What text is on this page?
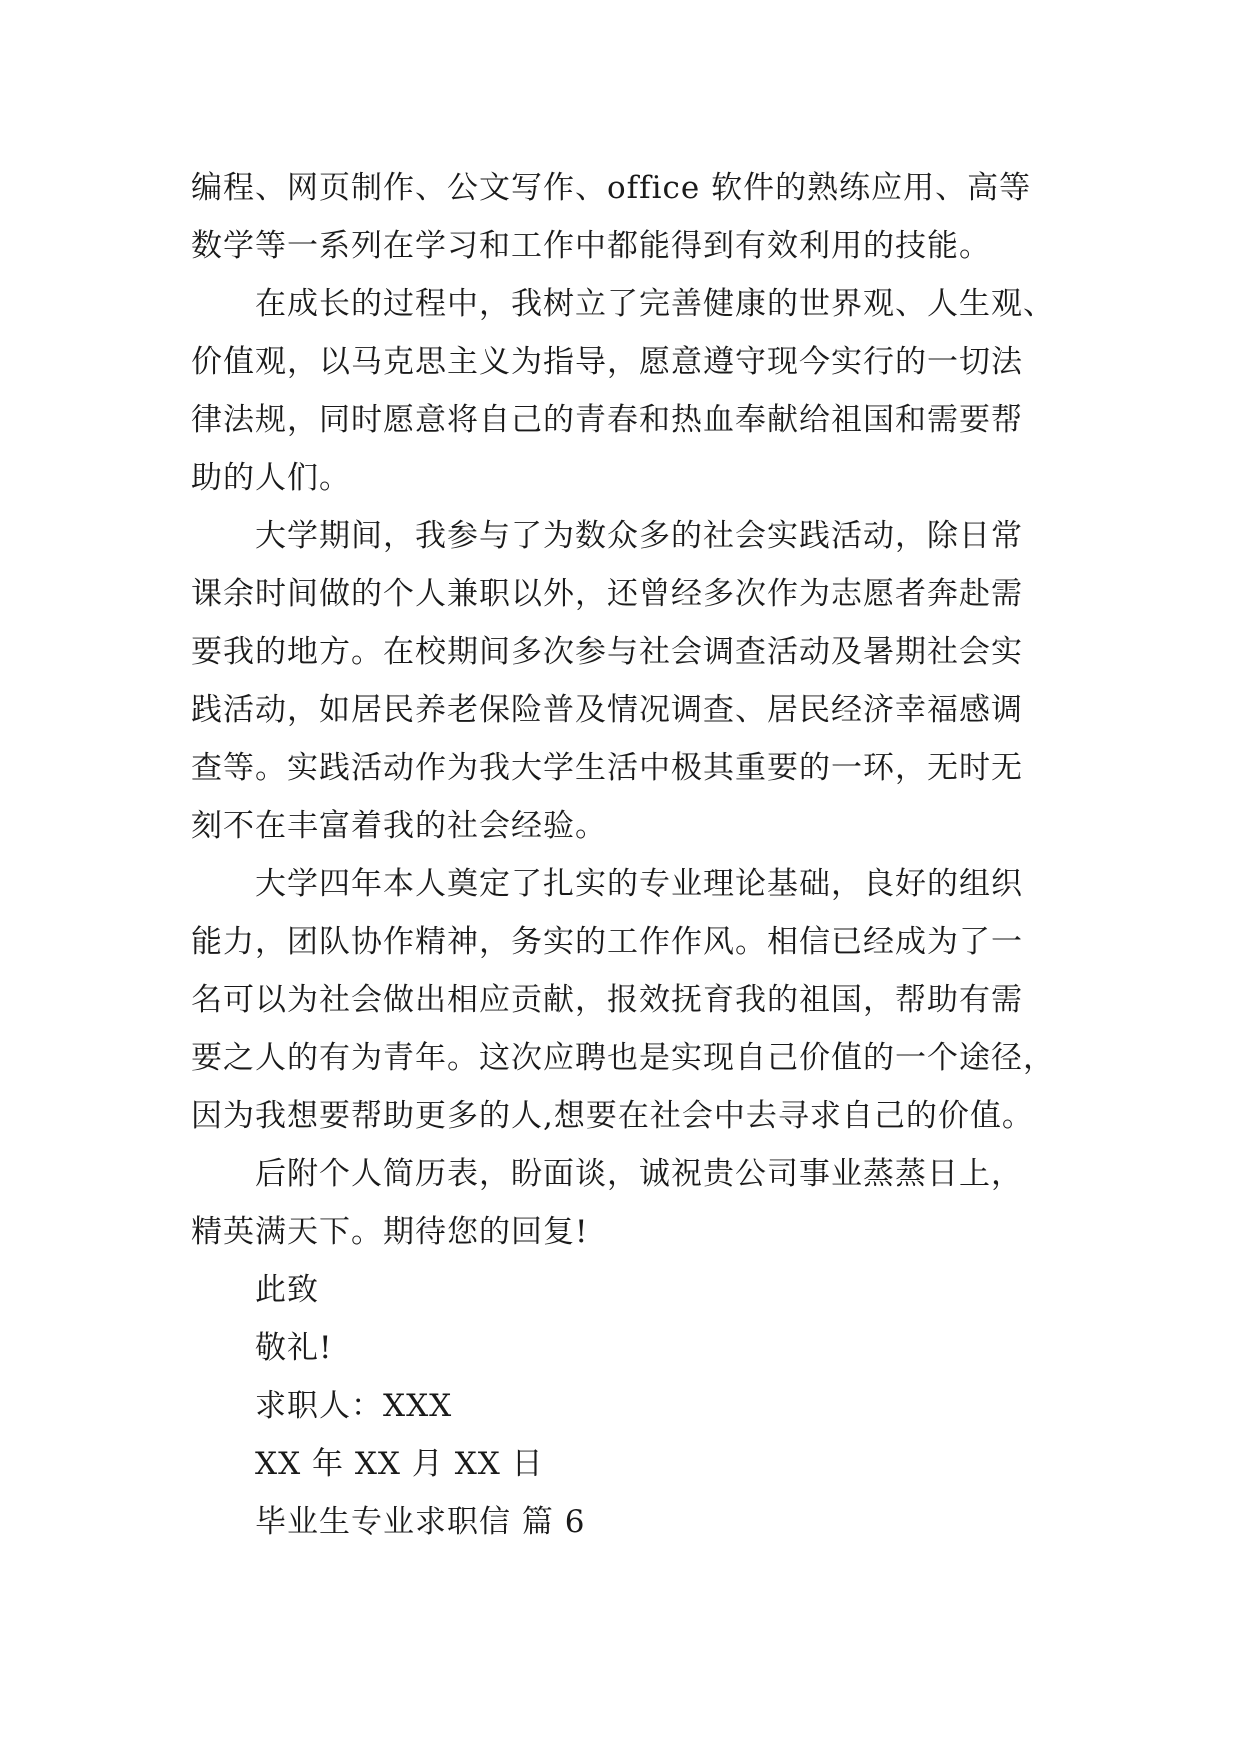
编程、网页制作、公文写作、office 软件的熟练应用、高等
数学等一系列在学习和工作中都能得到有效利用的技能。
在成长的过程中，我树立了完善健康的世界观、人生观、
价值观，以马克思主义为指导，愿意遵守现今实行的一切法
律法规，同时愿意将自己的青春和热血奉献给祖国和需要帮
助的人们。
大学期间，我参与了为数众多的社会实践活动，除日常
课余时间做的个人兼职以外，还曾经多次作为志愿者奔赴需
要我的地方。在校期间多次参与社会调查活动及暑期社会实
践活动，如居民养老保险普及情况调查、居民经济幸福感调
查等。实践活动作为我大学生活中极其重要的一环，无时无
刻不在丰富着我的社会经验。
大学四年本人奠定了扎实的专业理论基础，良好的组织
能力，团队协作精神，务实的工作作风。相信已经成为了一
名可以为社会做出相应贡献，报效抚育我的祖国，帮助有需
要之人的有为青年。这次应聘也是实现自己价值的一个途径，
因为我想要帮助更多的人,想要在社会中去寻求自己的价值。
后附个人简历表，盼面谈，诚祝贵公司事业蒸蒸日上，
精英满天下。期待您的回复!
此致
敬礼!
求职人：XXX
XX 年 XX 月 XX 日
毕业生专业求职信 篇 6
